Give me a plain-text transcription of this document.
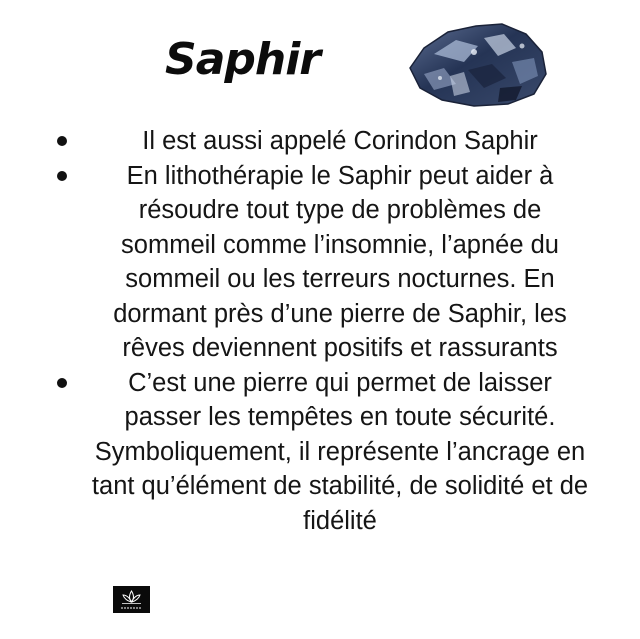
Saphir
Il est aussi appelé Corindon Saphir
En lithothérapie le Saphir peut aider à résoudre tout type de problèmes de sommeil comme l’insomnie, l’apnée du sommeil ou les terreurs nocturnes. En dormant près d’une pierre de Saphir, les rêves deviennent positifs et rassurants
C’est une pierre qui permet de laisser passer les tempêtes en toute sécurité. Symboliquement, il représente l’ancrage en tant qu’élément de stabilité, de solidité et de fidélité
